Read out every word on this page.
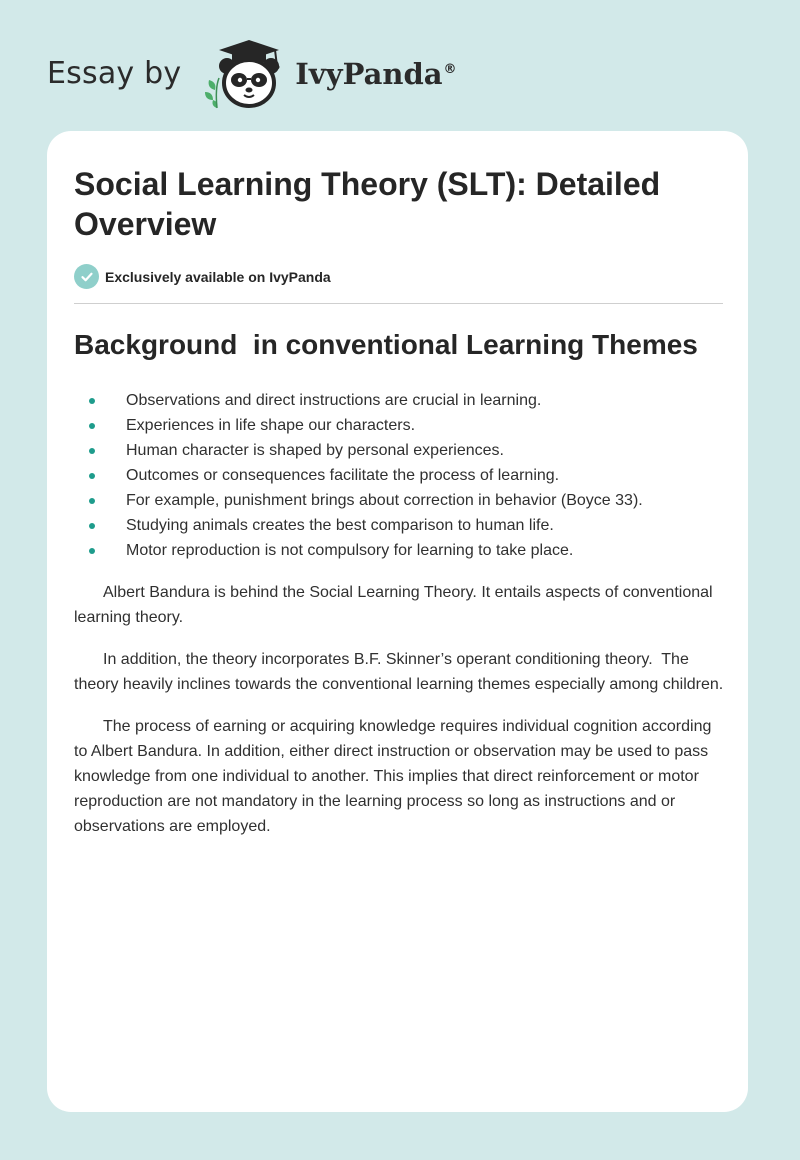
Essay by	IvyPanda®
Social Learning Theory (SLT): Detailed Overview
Exclusively available on IvyPanda
Background  in conventional Learning Themes
Observations and direct instructions are crucial in learning.
Experiences in life shape our characters.
Human character is shaped by personal experiences.
Outcomes or consequences facilitate the process of learning.
For example, punishment brings about correction in behavior (Boyce 33).
Studying animals creates the best comparison to human life.
Motor reproduction is not compulsory for learning to take place.

Albert Bandura is behind the Social Learning Theory. It entails aspects of conventional learning theory.

In addition, the theory incorporates B.F. Skinner’s operant conditioning theory.  The theory heavily inclines towards the conventional learning themes especially among children.

The process of earning or acquiring knowledge requires individual cognition according to Albert Bandura. In addition, either direct instruction or observation may be used to pass knowledge from one individual to another. This implies that direct reinforcement or motor reproduction are not mandatory in the learning process so long as instructions and or observations are employed.
